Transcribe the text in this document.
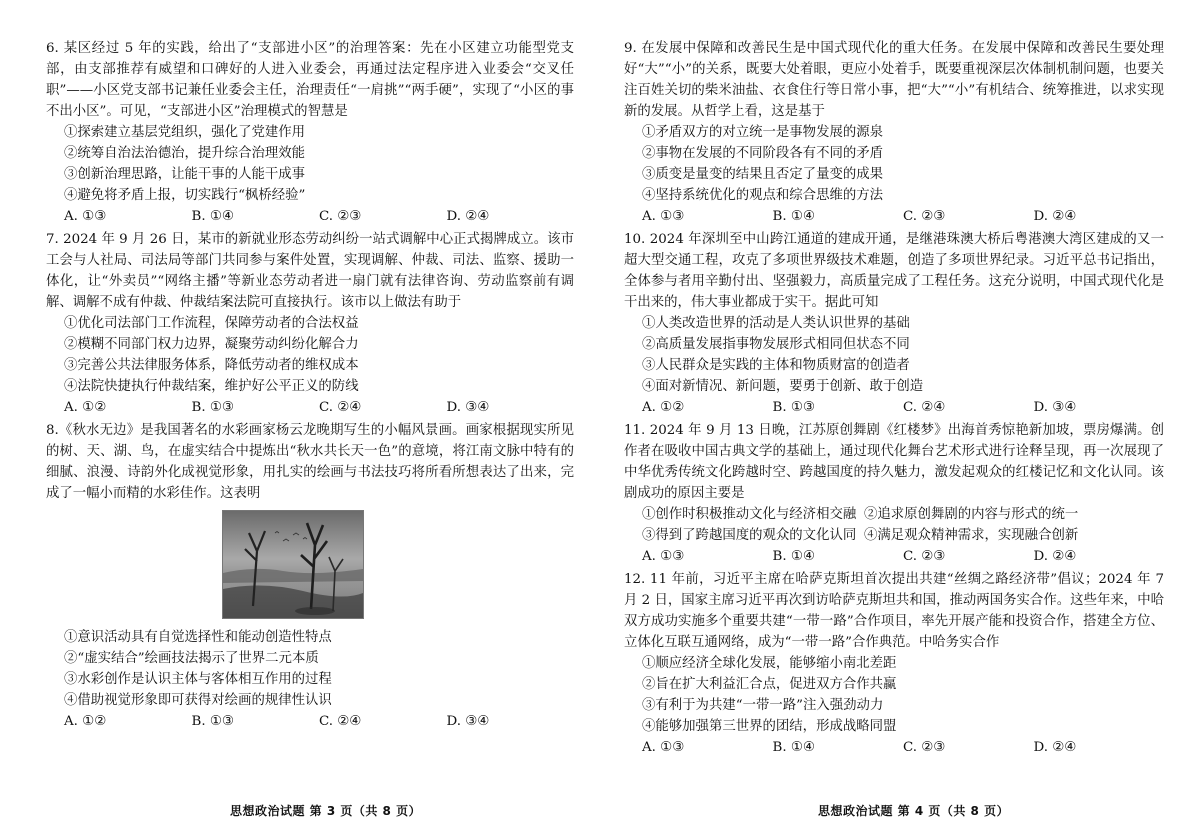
6. 某区经过 5 年的实践，给出了“支部进小区”的治理答案：先在小区建立功能型党支部，由支部推荐有威望和口碑好的人进入业委会，再通过法定程序进入业委会“交叉任职”——小区党支部书记兼任业委会主任，治理责任“一肩挑”“两手硬”，实现了“小区的事不出小区”。可见，“支部进小区”治理模式的智慧是

①探索建立基层党组织，强化了党建作用

②统筹自治法治德治，提升综合治理效能

③创新治理思路，让能干事的人能干成事

④避免将矛盾上报，切实践行“枫桥经验”

A. ①③	B. ①④	C. ②③	D. ②④

7. 2024 年 9 月 26 日，某市的新就业形态劳动纠纷一站式调解中心正式揭牌成立。该市工会与人社局、司法局等部门共同参与案件处置，实现调解、仲裁、司法、监察、援助一体化，让“外卖员”“网络主播”等新业态劳动者进一扇门就有法律咨询、劳动监察前有调解、调解不成有仲裁、仲裁结案法院可直接执行。该市以上做法有助于

①优化司法部门工作流程，保障劳动者的合法权益

②模糊不同部门权力边界，凝聚劳动纠纷化解合力

③完善公共法律服务体系，降低劳动者的维权成本

④法院快捷执行仲裁结案，维护好公平正义的防线

A. ①②	B. ①③	C. ②④	D. ③④

8.《秋水无边》是我国著名的水彩画家杨云龙晚期写生的小幅风景画。画家根据现实所见的树、天、湖、鸟，在虚实结合中提炼出“秋水共长天一色”的意境，将江南文脉中特有的细腻、浪漫、诗韵外化成视觉形象，用扎实的绘画与书法技巧将所看所想表达了出来，完成了一幅小而精的水彩佳作。这表明

①意识活动具有自觉选择性和能动创造性特点

②“虚实结合”绘画技法揭示了世界二元本质

③水彩创作是认识主体与客体相互作用的过程

④借助视觉形象即可获得对绘画的规律性认识

A. ①②	B. ①③	C. ②④	D. ③④
思想政治试题 第 3 页（共 8 页）

9. 在发展中保障和改善民生是中国式现代化的重大任务。在发展中保障和改善民生要处理好“大”“小”的关系，既要大处着眼，更应小处着手，既要重视深层次体制机制问题，也要关注百姓关切的柴米油盐、衣食住行等日常小事，把“大”“小”有机结合、统筹推进，以求实现新的发展。从哲学上看，这是基于

①矛盾双方的对立统一是事物发展的源泉

②事物在发展的不同阶段各有不同的矛盾

③质变是量变的结果且否定了量变的成果

④坚持系统优化的观点和综合思维的方法

A. ①③	B. ①④	C. ②③	D. ②④

10. 2024 年深圳至中山跨江通道的建成开通，是继港珠澳大桥后粤港澳大湾区建成的又一超大型交通工程，攻克了多项世界级技术难题，创造了多项世界纪录。习近平总书记指出，全体参与者用辛勤付出、坚强毅力，高质量完成了工程任务。这充分说明，中国式现代化是干出来的，伟大事业都成于实干。据此可知

①人类改造世界的活动是人类认识世界的基础

②高质量发展指事物发展形式相同但状态不同

③人民群众是实践的主体和物质财富的创造者

④面对新情况、新问题，要勇于创新、敢于创造

A. ①②	B. ①③	C. ②④	D. ③④

11. 2024 年 9 月 13 日晚，江苏原创舞剧《红楼梦》出海首秀惊艳新加坡，票房爆满。创作者在吸收中国古典文学的基础上，通过现代化舞台艺术形式进行诠释呈现，再一次展现了中华优秀传统文化跨越时空、跨越国度的持久魅力，激发起观众的红楼记忆和文化认同。该剧成功的原因主要是

①创作时积极推动文化与经济相交融 ②追求原创舞剧的内容与形式的统一
③得到了跨越国度的观众的文化认同 ④满足观众精神需求，实现融合创新
A. ①③	B. ①④	C. ②③	D. ②④

12. 11 年前，习近平主席在哈萨克斯坦首次提出共建“丝绸之路经济带”倡议；2024 年 7 月 2 日，国家主席习近平再次到访哈萨克斯坦共和国，推动两国务实合作。这些年来，中哈双方成功实施多个重要共建“一带一路”合作项目，率先开展产能和投资合作，搭建全方位、立体化互联互通网络，成为“一带一路”合作典范。中哈务实合作

①顺应经济全球化发展，能够缩小南北差距

②旨在扩大利益汇合点，促进双方合作共赢

③有利于为共建“一带一路”注入强劲动力

④能够加强第三世界的团结，形成战略同盟

A. ①③	B. ①④	C. ②③	D. ②④
思想政治试题 第 4 页（共 8 页）
